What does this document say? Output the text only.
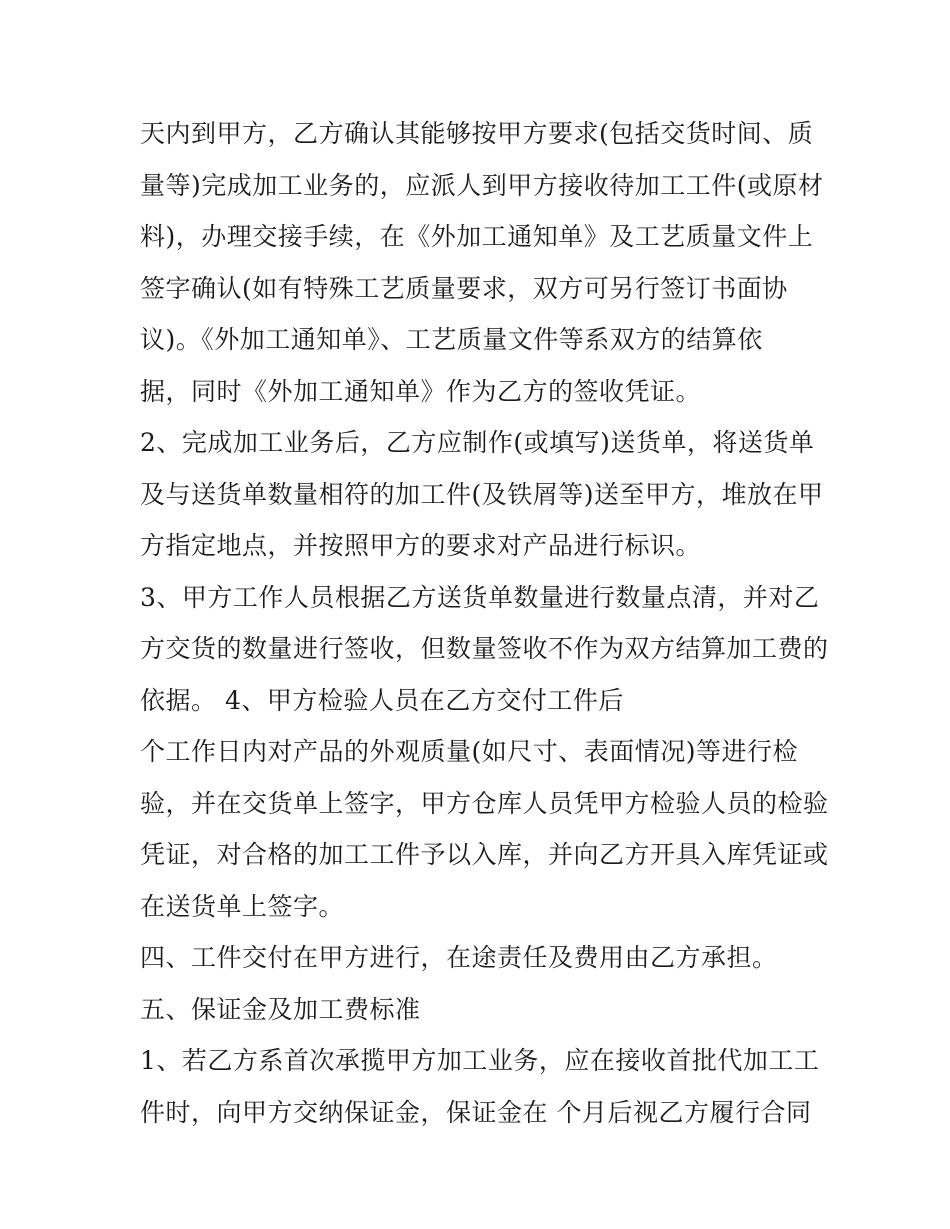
天内到甲方，乙方确认其能够按甲方要求(包括交货时间、质
量等)完成加工业务的，应派人到甲方接收待加工工件(或原材
料)，办理交接手续，在《外加工通知单》及工艺质量文件上
签字确认(如有特殊工艺质量要求，双方可另行签订书面协
议)。《外加工通知单》、工艺质量文件等系双方的结算依
据，同时《外加工通知单》作为乙方的签收凭证。
2、完成加工业务后，乙方应制作(或填写)送货单，将送货单
及与送货单数量相符的加工件(及铁屑等)送至甲方，堆放在甲
方指定地点，并按照甲方的要求对产品进行标识。
3、甲方工作人员根据乙方送货单数量进行数量点清，并对乙
方交货的数量进行签收，但数量签收不作为双方结算加工费的
依据。 4、甲方检验人员在乙方交付工件后
个工作日内对产品的外观质量(如尺寸、表面情况)等进行检
验，并在交货单上签字，甲方仓库人员凭甲方检验人员的检验
凭证，对合格的加工工件予以入库，并向乙方开具入库凭证或
在送货单上签字。
四、工件交付在甲方进行，在途责任及费用由乙方承担。
五、保证金及加工费标准
1、若乙方系首次承揽甲方加工业务，应在接收首批代加工工
件时，向甲方交纳保证金，保证金在 个月后视乙方履行合同
